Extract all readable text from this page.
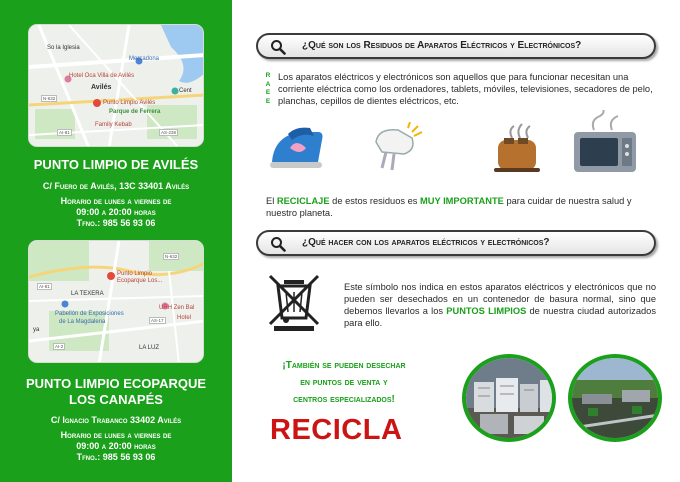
So la Iglesia
Mercadona
Hotel Oca Villa de Avilés
Avilés
Punto Limpio Avilés
Parque de Ferrera
Family Kebab
Cent
N-632
AI-81	AS-238
PUNTO LIMPIO DE AVILÉS
C/ Fuero de Avilés, 13C 33401 Avilés
Horario de lunes a viernes de
09:00 a 20:00 horas
Tfno.: 985 56 93 06
N-632
Punto Limpio
Ecoparque Los...
LA TEXERA
Pabellón de Exposiciones
de La Magdalena
LA LUZ
URH Zen Bal
Hotel
ya
AI-81
AS-17
AI-2
PUNTO LIMPIO ECOPARQUE
LOS CANAPÉS
C/ Ignacio Trabanco 33402 Avilés
Horario de lunes a viernes de
09:00 a 20:00 horas
Tfno.: 985 56 93 06
¿Qué son los Residuos de Aparatos Eléctricos y Electrónicos?
R
A
E
E
Los aparatos eléctricos y electrónicos son aquellos que para funcionar necesitan una corriente eléctrica como los ordenadores, tablets, móviles, televisiones, secadores de pelo, planchas, cepillos de dientes eléctricos, etc.
El RECICLAJE de estos residuos es MUY IMPORTANTE para cuidar de nuestra salud y nuestro planeta.
¿Qué hacer con los aparatos eléctricos y electrónicos?
Este símbolo nos indica en estos aparatos eléctricos y electrónicos que no pueden ser desechados en un contenedor de basura normal, sino que debemos llevarlos a los PUNTOS LIMPIOS de nuestra ciudad autorizados para ello.
¡También se pueden desechar
en puntos de venta y
centros especializados!
RECICLA
